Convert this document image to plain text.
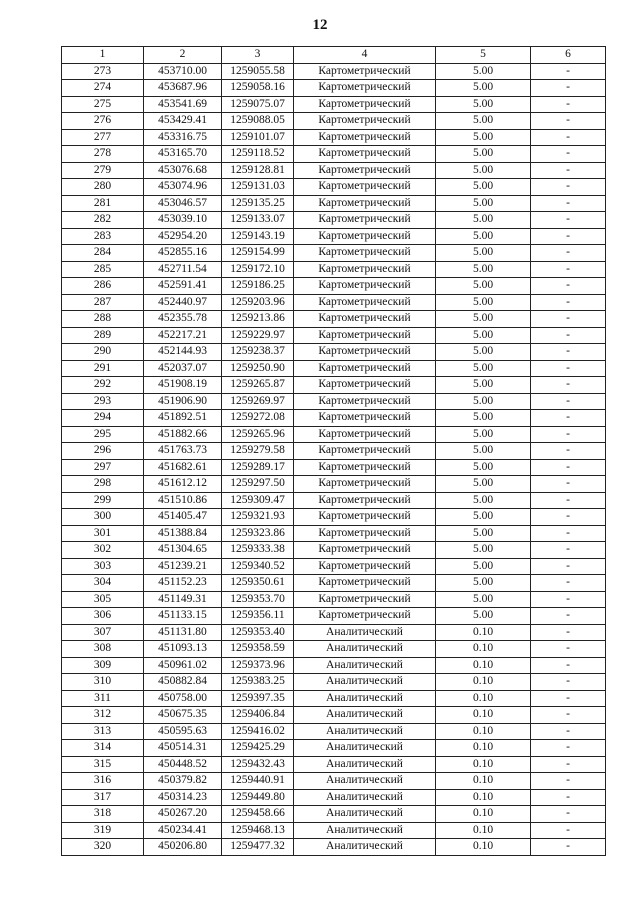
12
1	2	3	4	5	6
273	453710.00	1259055.58	Картометрический	5.00	-
274	453687.96	1259058.16	Картометрический	5.00	-
275	453541.69	1259075.07	Картометрический	5.00	-
276	453429.41	1259088.05	Картометрический	5.00	-
277	453316.75	1259101.07	Картометрический	5.00	-
278	453165.70	1259118.52	Картометрический	5.00	-
279	453076.68	1259128.81	Картометрический	5.00	-
280	453074.96	1259131.03	Картометрический	5.00	-
281	453046.57	1259135.25	Картометрический	5.00	-
282	453039.10	1259133.07	Картометрический	5.00	-
283	452954.20	1259143.19	Картометрический	5.00	-
284	452855.16	1259154.99	Картометрический	5.00	-
285	452711.54	1259172.10	Картометрический	5.00	-
286	452591.41	1259186.25	Картометрический	5.00	-
287	452440.97	1259203.96	Картометрический	5.00	-
288	452355.78	1259213.86	Картометрический	5.00	-
289	452217.21	1259229.97	Картометрический	5.00	-
290	452144.93	1259238.37	Картометрический	5.00	-
291	452037.07	1259250.90	Картометрический	5.00	-
292	451908.19	1259265.87	Картометрический	5.00	-
293	451906.90	1259269.97	Картометрический	5.00	-
294	451892.51	1259272.08	Картометрический	5.00	-
295	451882.66	1259265.96	Картометрический	5.00	-
296	451763.73	1259279.58	Картометрический	5.00	-
297	451682.61	1259289.17	Картометрический	5.00	-
298	451612.12	1259297.50	Картометрический	5.00	-
299	451510.86	1259309.47	Картометрический	5.00	-
300	451405.47	1259321.93	Картометрический	5.00	-
301	451388.84	1259323.86	Картометрический	5.00	-
302	451304.65	1259333.38	Картометрический	5.00	-
303	451239.21	1259340.52	Картометрический	5.00	-
304	451152.23	1259350.61	Картометрический	5.00	-
305	451149.31	1259353.70	Картометрический	5.00	-
306	451133.15	1259356.11	Картометрический	5.00	-
307	451131.80	1259353.40	Аналитический	0.10	-
308	451093.13	1259358.59	Аналитический	0.10	-
309	450961.02	1259373.96	Аналитический	0.10	-
310	450882.84	1259383.25	Аналитический	0.10	-
311	450758.00	1259397.35	Аналитический	0.10	-
312	450675.35	1259406.84	Аналитический	0.10	-
313	450595.63	1259416.02	Аналитический	0.10	-
314	450514.31	1259425.29	Аналитический	0.10	-
315	450448.52	1259432.43	Аналитический	0.10	-
316	450379.82	1259440.91	Аналитический	0.10	-
317	450314.23	1259449.80	Аналитический	0.10	-
318	450267.20	1259458.66	Аналитический	0.10	-
319	450234.41	1259468.13	Аналитический	0.10	-
320	450206.80	1259477.32	Аналитический	0.10	-
